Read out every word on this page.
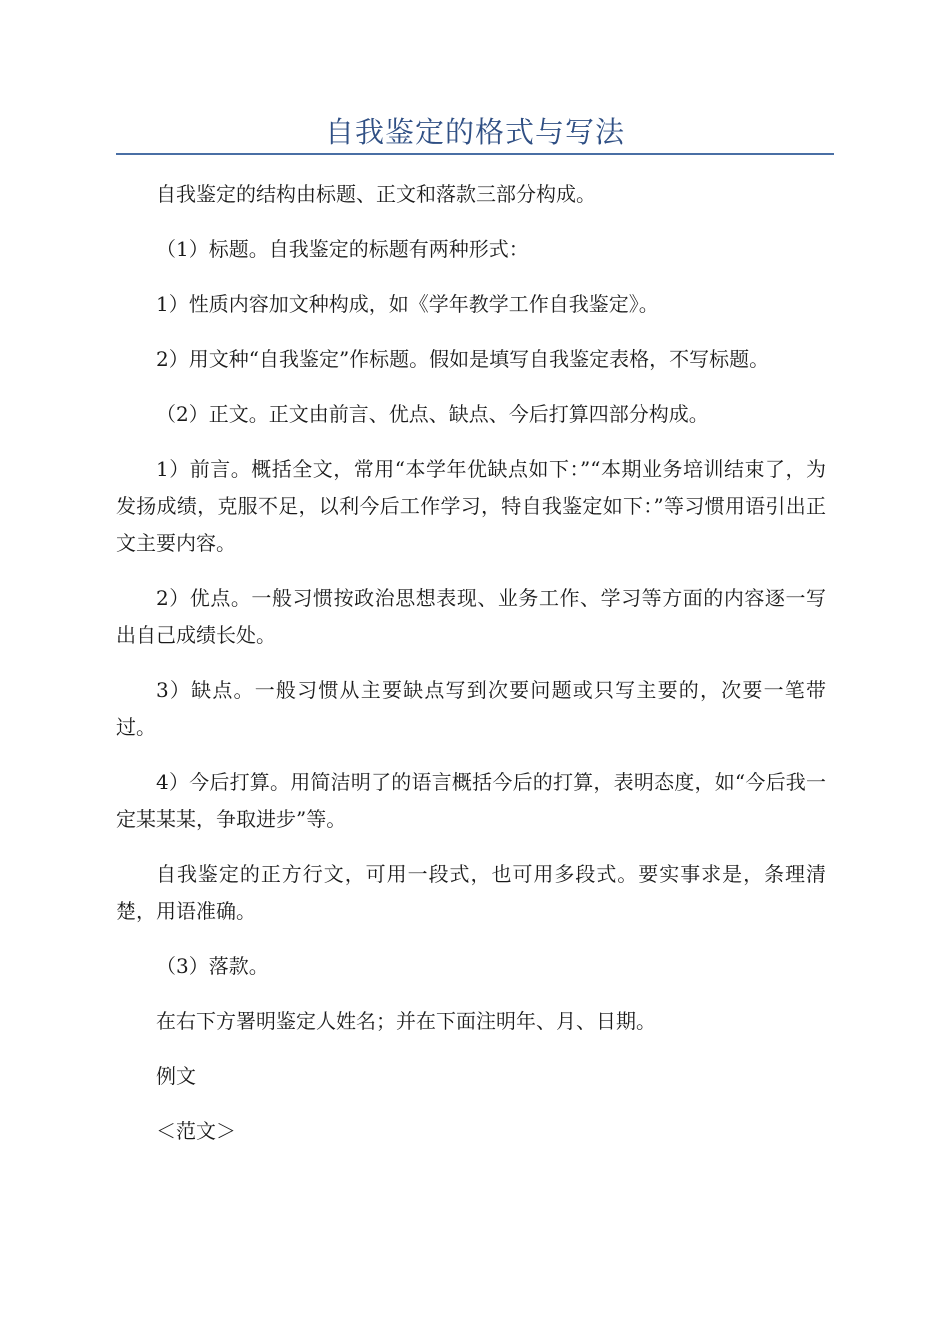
自我鉴定的格式与写法

自我鉴定的结构由标题、正文和落款三部分构成。

（1）标题。自我鉴定的标题有两种形式：

1）性质内容加文种构成，如《学年教学工作自我鉴定》。

2）用文种“自我鉴定”作标题。假如是填写自我鉴定表格，不写标题。

（2）正文。正文由前言、优点、缺点、今后打算四部分构成。

1）前言。概括全文，常用“本学年优缺点如下：”“本期业务培训结束了，为发扬成绩，克服不足，以利今后工作学习，特自我鉴定如下：”等习惯用语引出正文主要内容。

2）优点。一般习惯按政治思想表现、业务工作、学习等方面的内容逐一写出自己成绩长处。

3）缺点。一般习惯从主要缺点写到次要问题或只写主要的，次要一笔带过。

4）今后打算。用简洁明了的语言概括今后的打算，表明态度，如“今后我一定某某某，争取进步”等。

自我鉴定的正方行文，可用一段式，也可用多段式。要实事求是，条理清楚，用语准确。

（3）落款。

在右下方署明鉴定人姓名；并在下面注明年、月、日期。

例文

＜范文＞
